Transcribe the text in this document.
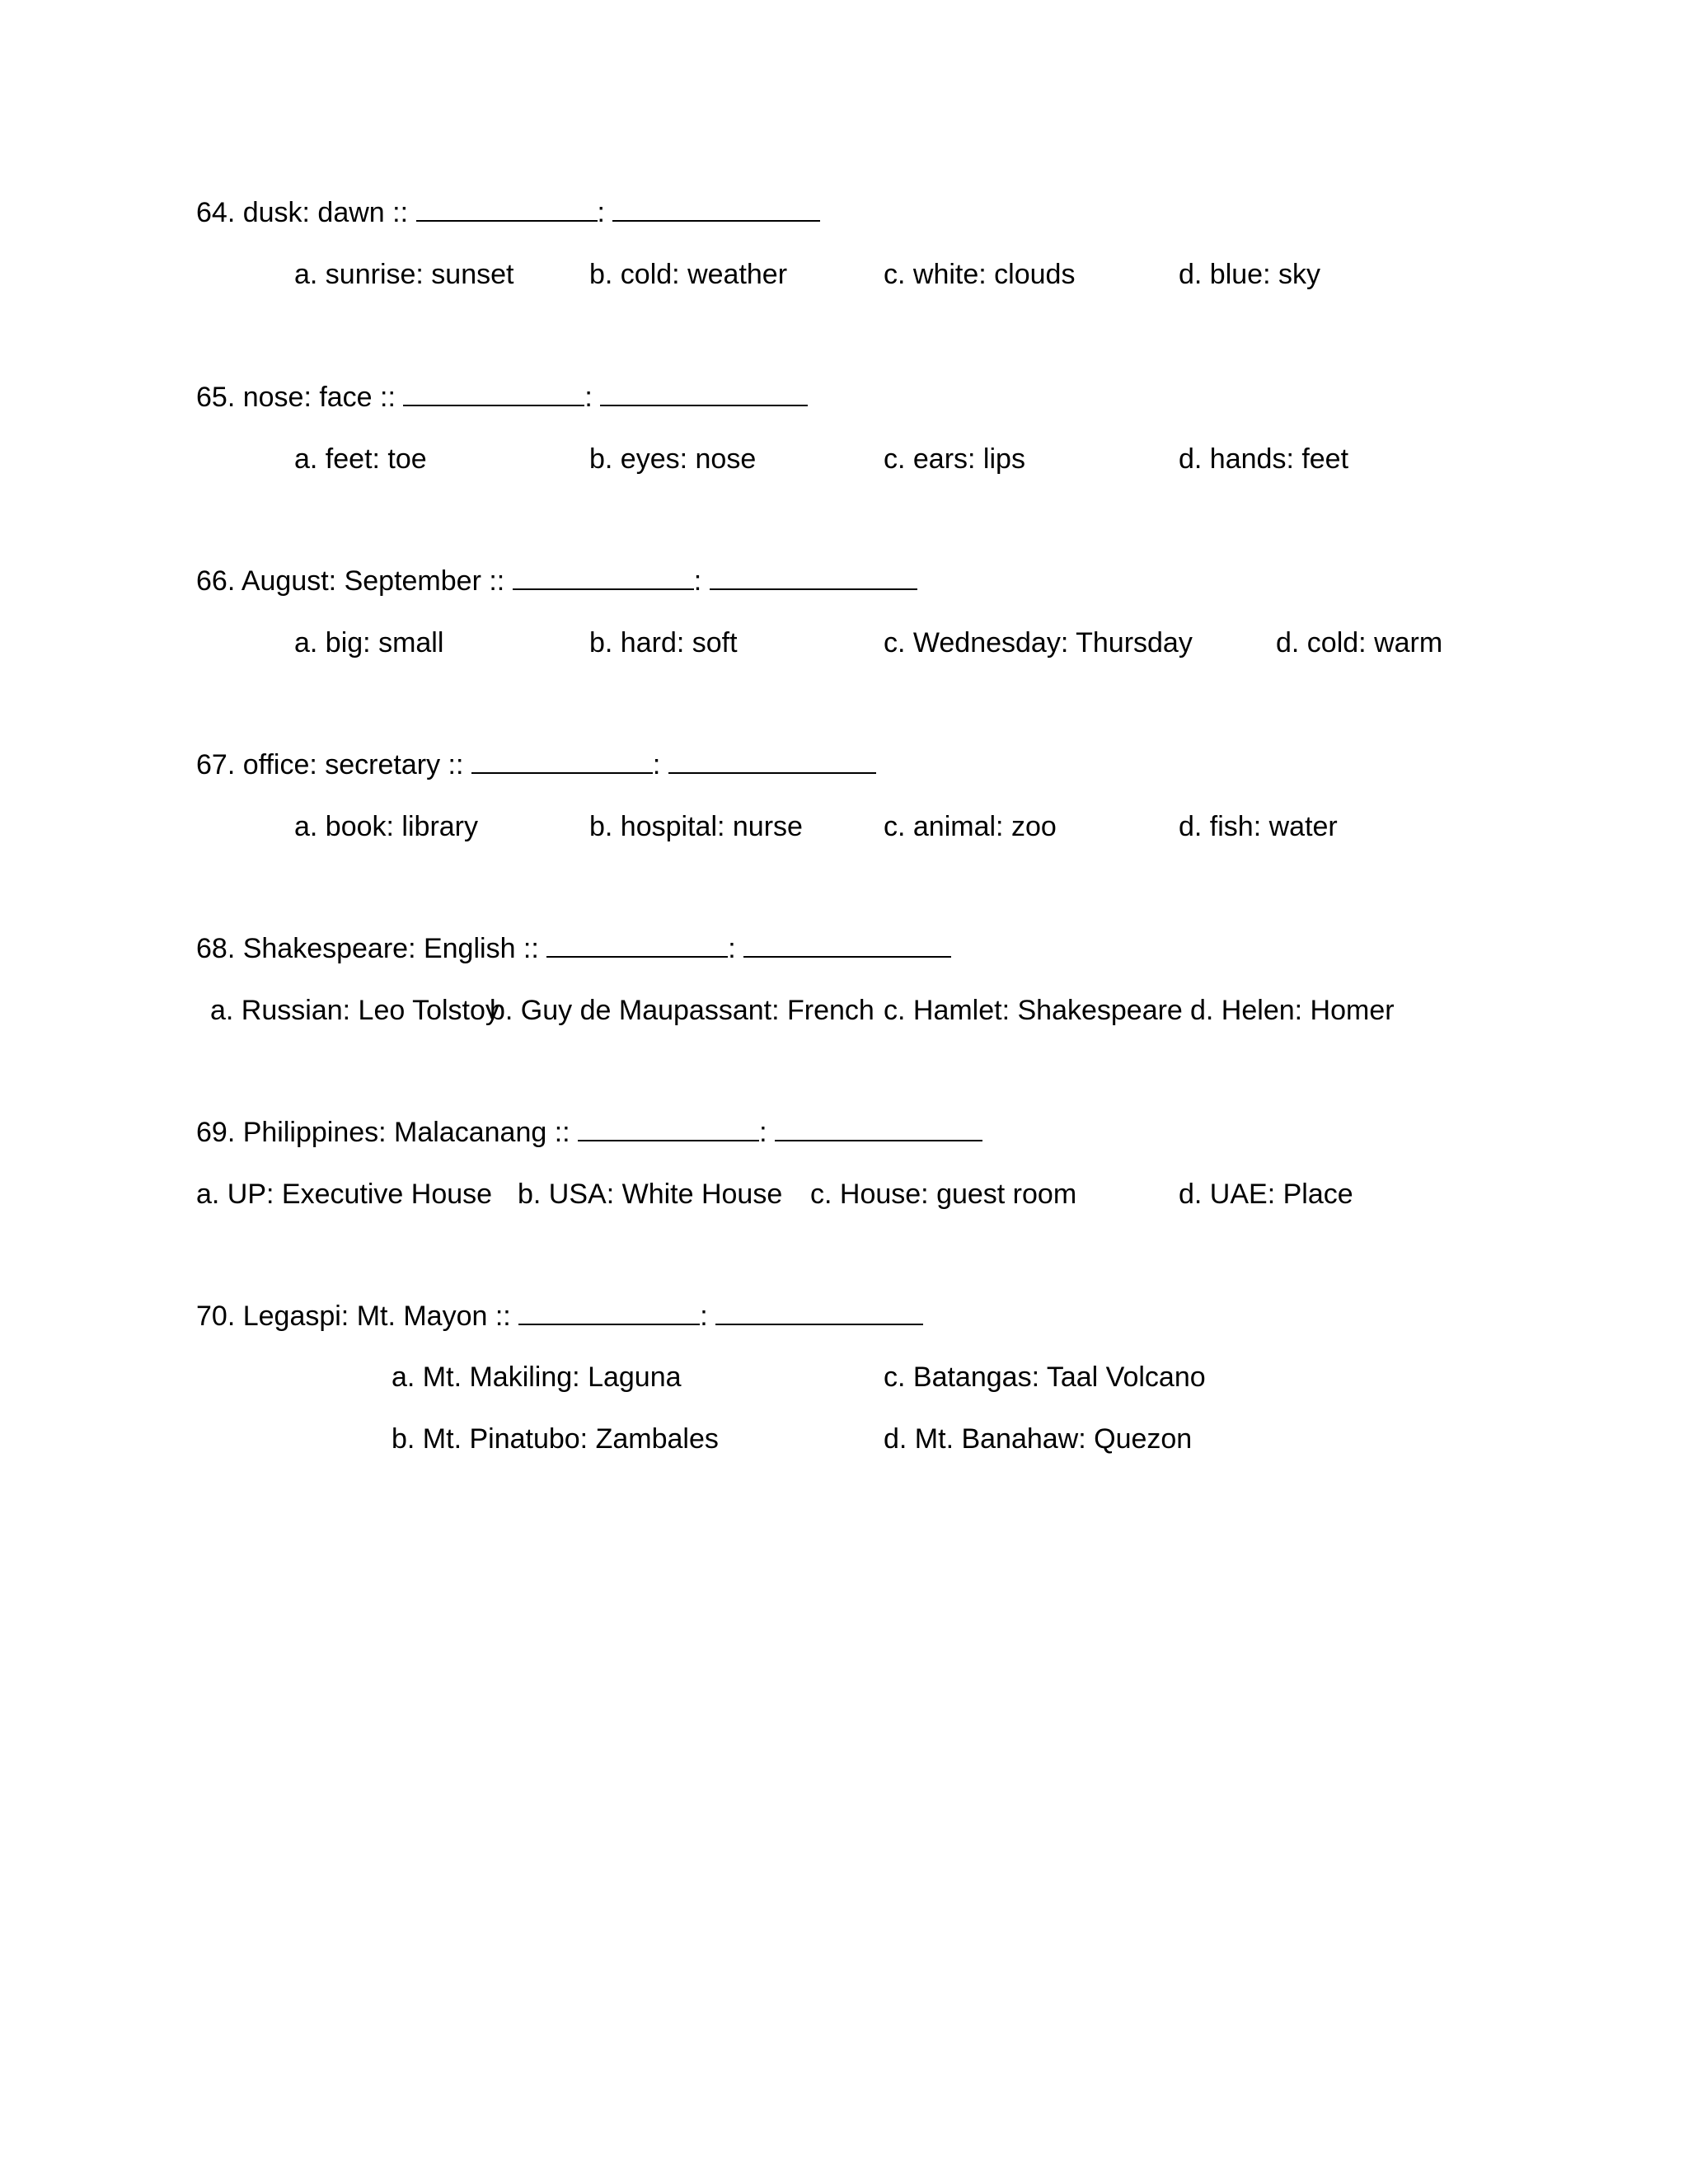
64. dusk: dawn ::	:
a. sunrise: sunset	b. cold: weather	c. white: clouds	d. blue: sky
65. nose: face ::	:
a. feet: toe	b. eyes: nose	c. ears: lips	d. hands: feet
66. August: September ::	:
a. big: small	b. hard: soft	c. Wednesday: Thursday	d. cold: warm
67. office: secretary ::	:
a. book: library	b. hospital: nurse	c. animal: zoo	d. fish: water
68. Shakespeare: English ::	:
a. Russian: Leo Tolstoy
b. Guy de Maupassant: French c. Hamlet: Shakespeare d. Helen: Homer
69. Philippines: Malacanang ::	:
a. UP: Executive House b. USA: White House c. House: guest room	d. UAE: Place
70. Legaspi: Mt. Mayon ::	:
a. Mt. Makiling: Laguna	c. Batangas: Taal Volcano
b. Mt. Pinatubo: Zambales	d. Mt. Banahaw: Quezon
